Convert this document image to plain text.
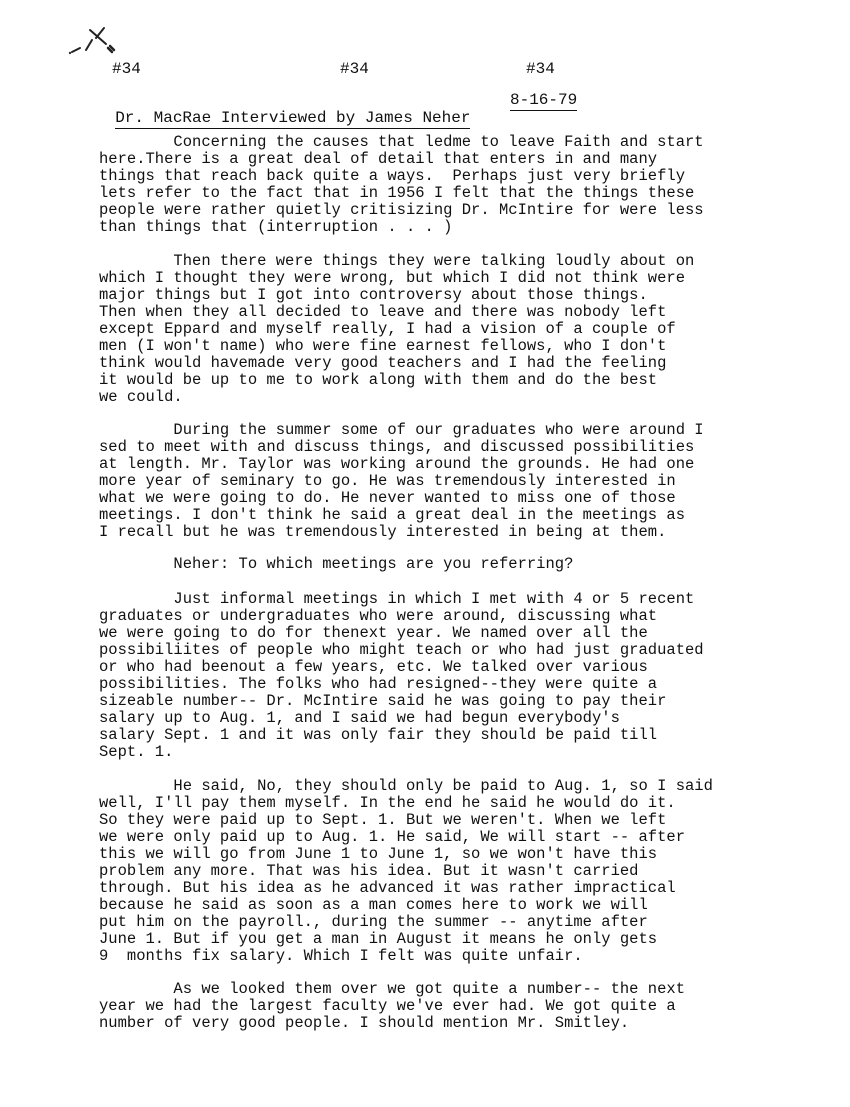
#34	#34	#34

Dr. MacRae Interviewed by James Neher

8-16-79

Concerning the causes that ledme to leave Faith and start
here.There is a great deal of detail that enters in and many
things that reach back quite a ways.  Perhaps just very briefly
lets refer to the fact that in 1956 I felt that the things these
people were rather quietly critisizing Dr. McIntire for were less
than things that (interruption . . . )
Then there were things they were talking loudly about on
which I thought they were wrong, but which I did not think were
major things but I got into controversy about those things.
Then when they all decided to leave and there was nobody left
except Eppard and myself really, I had a vision of a couple of
men (I won't name) who were fine earnest fellows, who I don't
think would havemade very good teachers and I had the feeling
it would be up to me to work along with them and do the best
we could.
During the summer some of our graduates who were around I
sed to meet with and discuss things, and discussed possibilities
at length. Mr. Taylor was working around the grounds. He had one
more year of seminary to go. He was tremendously interested in
what we were going to do. He never wanted to miss one of those
meetings. I don't think he said a great deal in the meetings as
I recall but he was tremendously interested in being at them.
Neher: To which meetings are you referring?
Just informal meetings in which I met with 4 or 5 recent
graduates or undergraduates who were around, discussing what
we were going to do for thenext year. We named over all the
possibiliites of people who might teach or who had just graduated
or who had beenout a few years, etc. We talked over various
possibilities. The folks who had resigned--they were quite a
sizeable number-- Dr. McIntire said he was going to pay their
salary up to Aug. 1, and I said we had begun everybody's
salary Sept. 1 and it was only fair they should be paid till
Sept. 1.
He said, No, they should only be paid to Aug. 1, so I said
well, I'll pay them myself. In the end he said he would do it.
So they were paid up to Sept. 1. But we weren't. When we left
we were only paid up to Aug. 1. He said, We will start -- after
this we will go from June 1 to June 1, so we won't have this
problem any more. That was his idea. But it wasn't carried
through. But his idea as he advanced it was rather impractical
because he said as soon as a man comes here to work we will
put him on the payroll., during the summer -- anytime after
June 1. But if you get a man in August it means he only gets
9  months fix salary. Which I felt was quite unfair.
As we looked them over we got quite a number-- the next
year we had the largest faculty we've ever had. We got quite a
number of very good people. I should mention Mr. Smitley.
